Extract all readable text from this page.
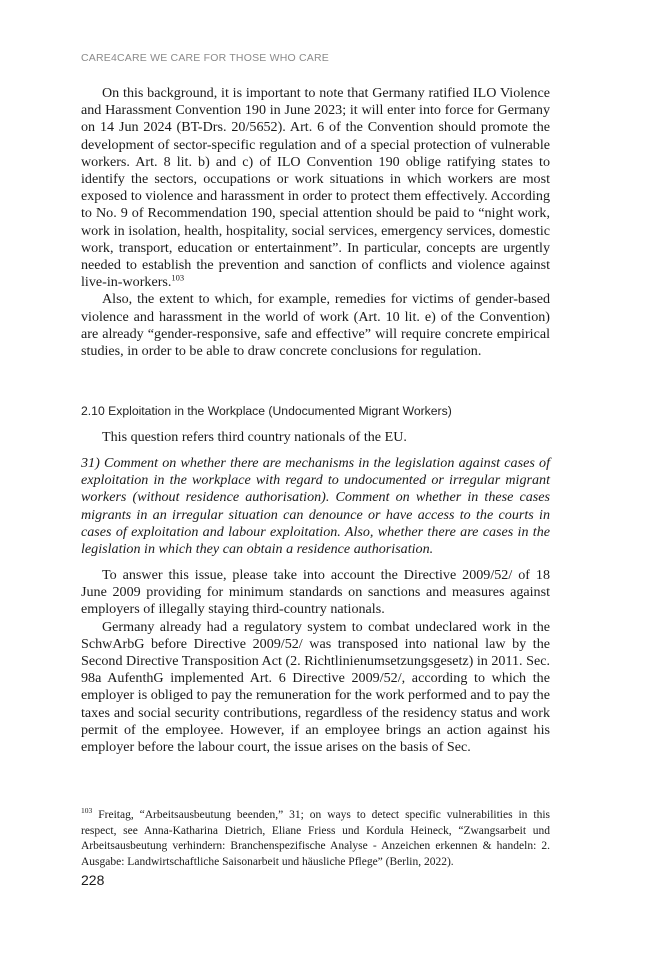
CARE4CARE WE CARE FOR THOSE WHO CARE

On this background, it is important to note that Germany ratified ILO Violence and Harassment Convention 190 in June 2023; it will enter into force for Germany on 14 Jun 2024 (BT-Drs. 20/5652). Art. 6 of the Convention should promote the development of sector-specific regulation and of a special protection of vulnerable workers. Art. 8 lit. b) and c) of ILO Convention 190 oblige ratifying states to identify the sectors, occupations or work situations in which workers are most exposed to violence and harassment in order to protect them effectively. According to No. 9 of Recommendation 190, special attention should be paid to “night work, work in isolation, health, hospitality, social services, emergency services, domestic work, transport, education or entertainment”. In particular, concepts are urgently needed to establish the prevention and sanction of conflicts and violence against live-in-workers.$^{103}$

Also, the extent to which, for example, remedies for victims of gender-based violence and harassment in the world of work (Art. 10 lit. e) of the Convention) are already “gender-responsive, safe and effective” will require concrete empirical studies, in order to be able to draw concrete conclusions for regulation.

2.10 Exploitation in the Workplace (Undocumented Migrant Workers)

This question refers third country nationals of the EU.

31) Comment on whether there are mechanisms in the legislation against cases of exploitation in the workplace with regard to undocumented or irregular migrant workers (without residence authorisation). Comment on whether in these cases migrants in an irregular situation can denounce or have access to the courts in cases of exploitation and labour exploitation. Also, whether there are cases in the legislation in which they can obtain a residence authorisation.

To answer this issue, please take into account the Directive 2009/52/ of 18 June 2009 providing for minimum standards on sanctions and measures against employers of illegally staying third-country nationals.

Germany already had a regulatory system to combat undeclared work in the SchwArbG before Directive 2009/52/ was transposed into national law by the Second Directive Transposition Act (2. Richtlinienumsetzungsgesetz) in 2011. Sec. 98a AufenthG implemented Art. 6 Directive 2009/52/, according to which the employer is obliged to pay the remuneration for the work performed and to pay the taxes and social security contributions, regardless of the residency status and work permit of the employee. However, if an employee brings an action against his employer before the labour court, the issue arises on the basis of Sec.

$^{103}$ Freitag, “Arbeitsausbeutung beenden,” 31; on ways to detect specific vulnerabilities in this respect, see Anna-Katharina Dietrich, Eliane Friess und Kordula Heineck, “Zwangsarbeit und Arbeitsausbeutung verhindern: Branchenspezifische Analyse - Anzeichen erkennen & handeln: 2. Ausgabe: Landwirtschaftliche Saisonarbeit und häusliche Pflege” (Berlin, 2022).
228
